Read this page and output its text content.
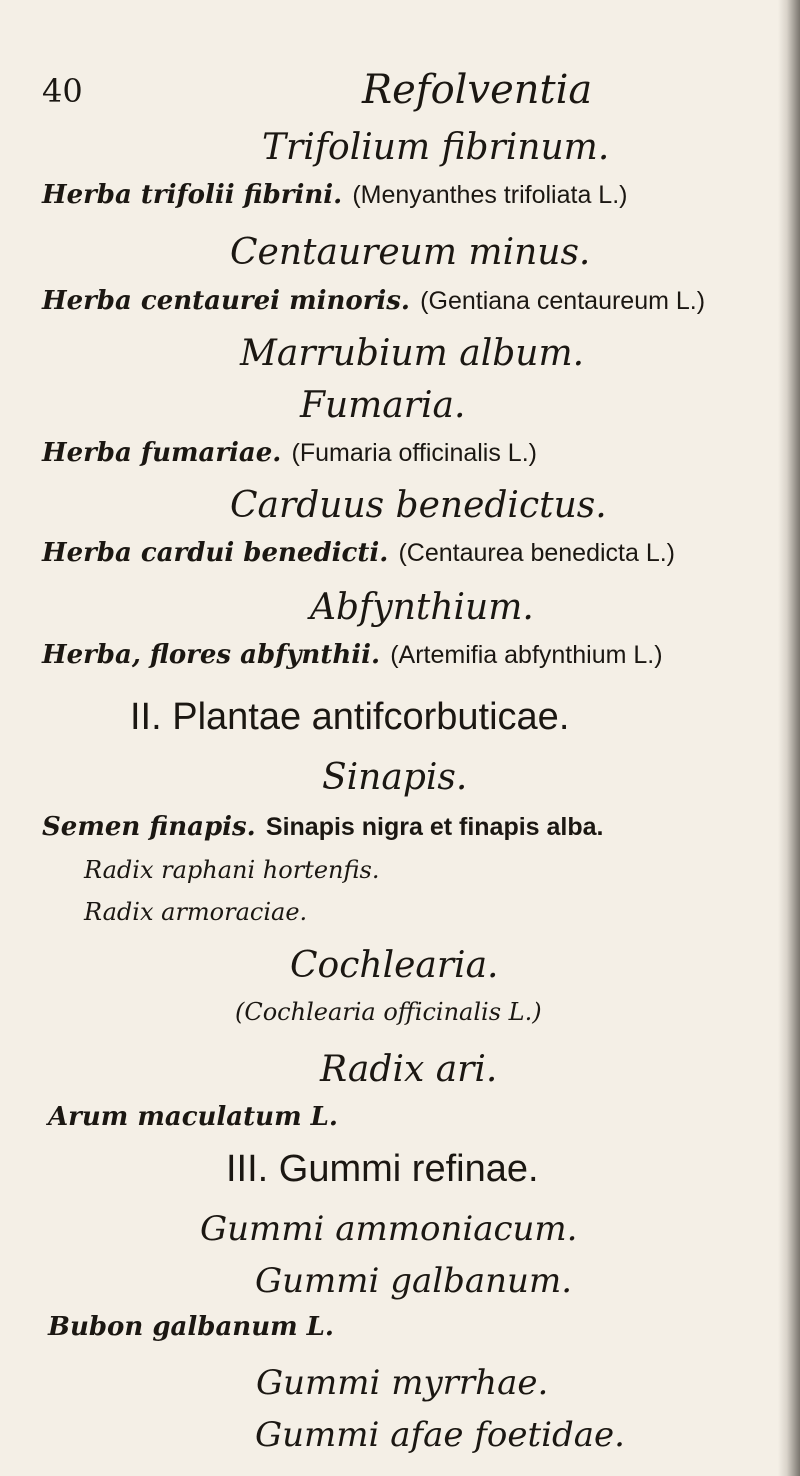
40	Refolventia
Trifolium fibrinum.
Herba trifolii fibrini. (Menyanthes trifoliata L.)
Centaureum minus.
Herba centaurei minoris. (Gentiana centaureum L.)
Marrubium album.
Fumaria.
Herba fumariae. (Fumaria officinalis L.)
Carduus benedictus.
Herba cardui benedicti. (Centaurea benedicta L.)
Abfynthium.
Herba, flores abfynthii. (Artemifia abfynthium L.)
II. Plantae antifcorbuticae.
Sinapis.
Semen finapis. Sinapis nigra et finapis alba.
Radix raphani hortenfis.
Radix armoraciae.
Cochlearia.
(Cochlearia officinalis L.)
Radix ari.
Arum maculatum L.
III. Gummi refinae.
Gummi ammoniacum.
Gummi galbanum.
Bubon galbanum L.
Gummi myrrhae.
Gummi afae foetidae.
